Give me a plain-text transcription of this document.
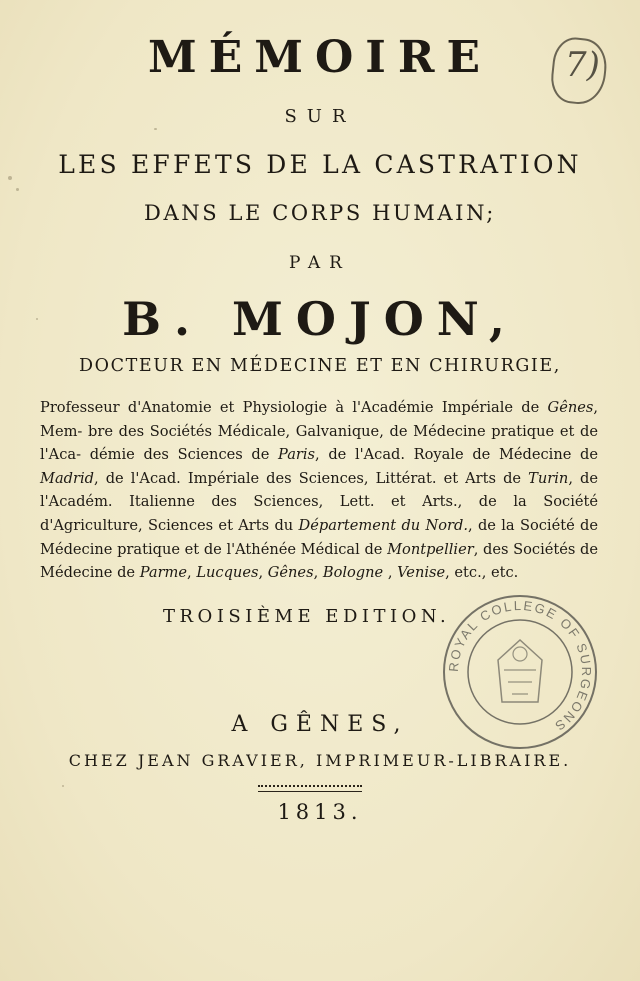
7)
MÉMOIRE
SUR
LES EFFETS DE LA CASTRATION
DANS LE CORPS HUMAIN;
PAR
B. MOJON,
DOCTEUR EN MÉDECINE ET EN CHIRURGIE,
Professeur d'Anatomie et Physiologie à l'Académie Impériale de Gênes, Mem- bre des Sociétés Médicale, Galvanique, de Médecine pratique et de l'Aca- démie des Sciences de Paris, de l'Acad. Royale de Médecine de Madrid, de l'Acad. Impériale des Sciences, Littérat. et Arts de Turin, de l'Académ. Italienne des Sciences, Lett. et Arts., de la Société d'Agriculture, Sciences et Arts du Département du Nord., de la Société de Médecine pratique et de l'Athénée Médical de Montpellier, des Sociétés de Médecine de Parme, Lucques, Gênes, Bologne , Venise, etc., etc.
TROISIÈME EDITION.
ROYAL COLLEGE OF SURGEONS
A GÊNES,
CHEZ JEAN GRAVIER, IMPRIMEUR-LIBRAIRE.
1813.
